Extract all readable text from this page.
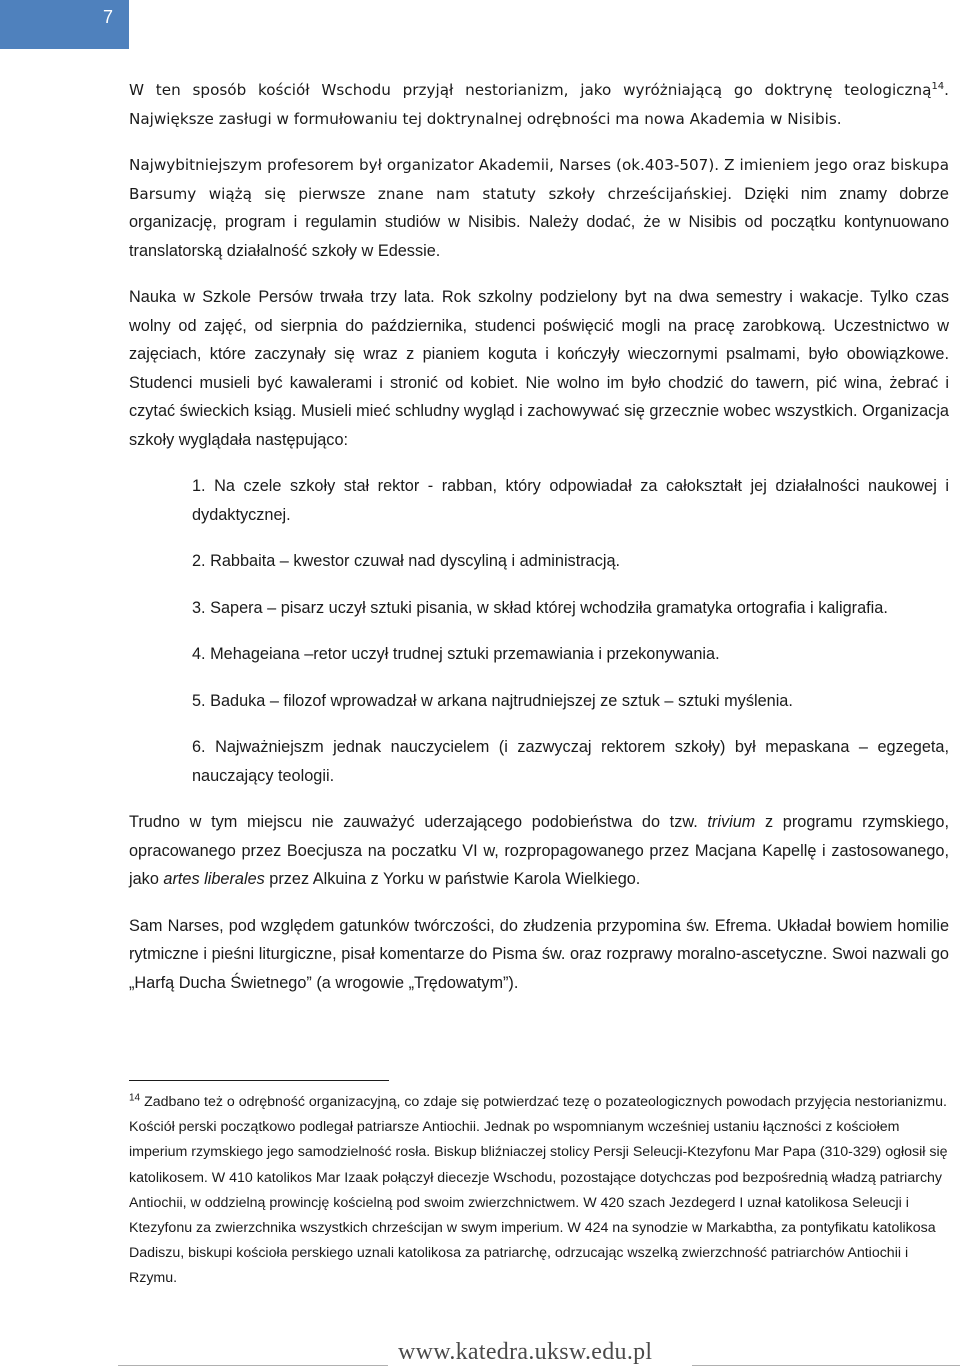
7

W ten sposób kościół Wschodu przyjął nestorianizm, jako wyróżniającą go doktrynę teologiczną$^{14}$. Największe zasługi w formułowaniu tej doktrynalnej odrębności ma nowa Akademia w Nisibis.

Najwybitniejszym profesorem był organizator Akademii, Narses (ok.403-507). Z imieniem jego oraz biskupa Barsumy wiążą się pierwsze znane nam statuty szkoły chrześcijańskiej. Dzięki nim znamy dobrze organizację, program i regulamin studiów w Nisibis. Należy dodać, że w Nisibis od początku kontynuowano translatorską działalność szkoły w Edessie.

Nauka w Szkole Persów trwała trzy lata. Rok szkolny podzielony byt na dwa semestry i wakacje. Tylko czas wolny od zajęć, od sierpnia do października, studenci poświęcić mogli na pracę zarobkową. Uczestnictwo w zajęciach, które zaczynały się wraz z pianiem koguta i kończyły wieczornymi psalmami, było obowiązkowe. Studenci musieli być kawalerami i stronić od kobiet. Nie wolno im było chodzić do tawern, pić wina, żebrać i czytać świeckich ksiąg. Musieli mieć schludny wygląd i zachowywać się grzecznie wobec wszystkich. Organizacja szkoły wyglądała następująco:

1. Na czele szkoły stał rektor - rabban, który odpowiadał za całokształt jej działalności naukowej i dydaktycznej.
2. Rabbaita – kwestor czuwał nad dyscyliną i administracją.
3. Sapera – pisarz uczył sztuki pisania, w skład której wchodziła gramatyka ortografia i kaligrafia.
4. Mehageiana –retor uczył trudnej sztuki przemawiania i przekonywania.
5. Baduka – filozof wprowadzał w arkana najtrudniejszej ze sztuk – sztuki myślenia.
6. Najważniejszm jednak nauczycielem (i zazwyczaj rektorem szkoły) był mepaskana – egzegeta, nauczający teologii.

Trudno w tym miejscu nie zauważyć uderzającego podobieństwa do tzw. trivium z programu rzymskiego, opracowanego przez Boecjusza na poczatku VI w, rozpropagowanego przez Macjana Kapellę i zastosowanego, jako artes liberales przez Alkuina z Yorku w państwie Karola Wielkiego.

Sam Narses, pod względem gatunków twórczości, do złudzenia przypomina św. Efrema. Układał bowiem homilie rytmiczne i pieśni liturgiczne, pisał komentarze do Pisma św. oraz rozprawy moralno-ascetyczne. Swoi nazwali go „Harfą Ducha Świetnego” (a wrogowie „Trędowatym”).

$^{14}$ Zadbano też o odrębność organizacyjną, co zdaje się potwierdzać tezę o pozateologicznych powodach przyjęcia nestorianizmu. Kościół perski początkowo podlegał patriarsze Antiochii. Jednak po wspomnianym wcześniej ustaniu łączności z kościołem imperium rzymskiego jego samodzielność rosła. Biskup bliźniaczej stolicy Persji Seleucji-Ktezyfonu Mar Papa (310-329) ogłosił się katolikosem. W 410 katolikos Mar Izaak połączył diecezje Wschodu, pozostające dotychczas pod bezpośrednią władzą patriarchy Antiochii, w oddzielną prowincję kościelną pod swoim zwierzchnictwem. W 420 szach Jezdegerd I uznał katolikosa Seleucji i Ktezyfonu za zwierzchnika wszystkich chrześcijan w swym imperium. W 424 na synodzie w Markabtha, za pontyfikatu katolikosa Dadiszu, biskupi kościoła perskiego uznali katolikosa za patriarchę, odrzucając wszelką zwierzchność patriarchów Antiochii i Rzymu.

www.katedra.uksw.edu.pl
